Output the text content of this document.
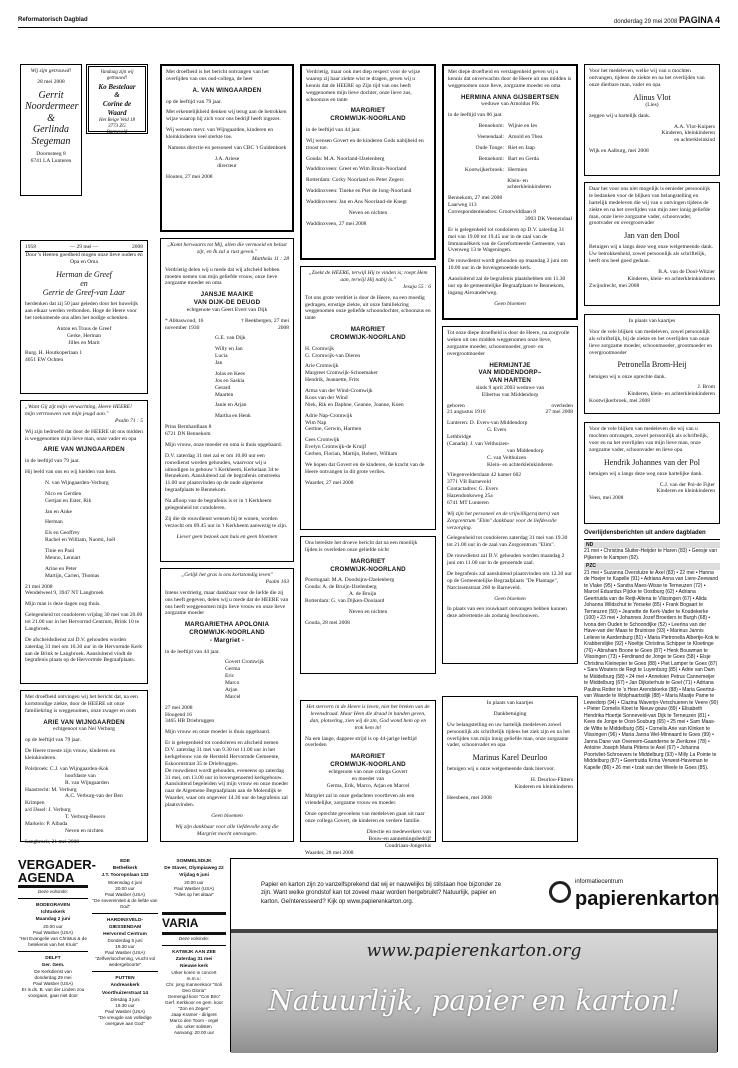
Reformatorisch Dagblad	donderdag 29 mei 2008 PAGINA 4
Wij zijn getrouwd!
28 mei 2008
Gerrit
Noordermeer
&
Gerlinda
Stegeman
Doornsteeg 8
6741 LA Lunteren
Vandaag zijn wij getrouwd!
Ko Bestelaar
&
Corine de Waard
Het Reige Veld 18
3773 ZG
Barneveld
1958	— 29 mei —	2008
Door 's Heeren goedheid mogen onze lieve ouders en Opa en Oma
Herman de Greef
en
Gerrie de Greef-van Laar
herdenken dat zij 50 jaar geleden door het huwelijk aan elkaar werden verbonden. Hoge de Heere voor het toekomende ons allen het nodige schenken.
Anton en Truus de Greef
Gerke, Herman
Jilles en Marit
Burg. H. Houtkoperlaan 1
4051 EW Ochten
„Want Gij zijt mijn verwachting, Heere HEERE! mijn vertrouwen van mijn jeugd aan."
Psalm 71 : 5
Wij zijn bedroefd dat door de HEERE uit ons midden is weggenomen mijn lieve man, onze vader en opa
ARIE VAN WIJNGAARDEN
in de leeftijd van 79 jaar.
Hij leeld van ons en wij hielden van hem.
N. van Wijngaarden-Verburg
Nico en Gerdien
Gertjan en Ester, Rik
Jan en Anke
Herman
Els en Geoffrey
Rachel en William, Naomi, Joël
Tinie en Paul
Menno, Lennart
Arine en Peter
Martijn, Carien, Thomas
21 mei 2008
Wendelweel 9, 3947 NT Langbroek
Mijn man is deze dagen nog thuis.
Gelegenheid tot condoleren vrijdag 30 mei van 20.00 tot 21.00 uur in het Hervormd Centrum, Brink 10 te Langbroek.
De afscheidsdienst zal D.V. gehouden worden zaterdag 31 mei om 10.30 uur in de Hervormde Kerk aan de Brink te Langbroek. Aansluitend vindt de begrafenis plaats op de Hervormde Begraafplaats.
Met droefheid ontvingen wij het bericht dat, na een kortstondige ziekte, door de HEERE uit onze familiekring is weggenomen, onze zwager en oom
ARIE VAN WIJNGAARDEN
echtgenoot van Nel Verburg
op de leeftijd van 79 jaar.
De Heere troeste zijn vrouw, kinderen en kleinkinderen.
Polsbroek: C.J. van Wijngaarden-Kok
hoofdaste van
R. van Wijngaarden
Haastrecht: M. Verburg
A.C. Verburg-van der Ben
Krimpen
a/d IJssel: J. Verburg
T. Verburg-Besero
Markelo: P. Albada
Neven en nichten
Langbroek, 21 mei 2008
Met droefheid is het bericht ontvangen van het overlijden van ons oud-collega, de heer
A. VAN WINGAARDEN
op de leeftijd van 79 jaar.
Met erkentelijkheid denken wij terug aan de betrokken wijze waarop hij zich voor ons bedrijf heeft ingezet.
Wij wensen mevr. van Wijngaarden, kinderen en kleinkinderen veel sterkte toe.
Namens directie en personeel van CBC 't Guldenboek
J.A. Ariese
directeur
Houten, 27 mei 2008
„Komt herwaarts tot Mij, allen die vermoeid en belast zijt, en Ik zal u rust geven."
Mattheüs 11 : 28
Verdrietig delen wij u mede dat wij afscheid hebben moeten nemen van mijn geliefde vrouw, onze lieve zorgzame moeder en oma
JANSJE MAAIKE
VAN DIJK-DE DEUGD
echtgenote van Geert Evert van Dijk
* Abbaswoud, 16 november 1930
† Beekbergen, 27 mei 2008
G.E. van Dijk
Willy en Jan
Lucia
Jan
Jolas en Kees
Jos en Saskia
Gerard
Maarten
Janie en Arjan
Martha en Henk
Prins Bernhardlaan 8
6721 DN Bennekom
Mijn vrouw, onze moeder en oma is thuis opgebaard.
D.V. zaterdag 31 mei zal er om 10.00 uur een rouwdienst worden gehouden, waarvoor wij u uitnodigen in gebouw 't Kerkheem, Kerkelaan 34 te Bennekom. Aansluitend zal de begrafenis omstreeks 11.00 uur plaatsvinden op de oude algemene begraafplaats te Bennekom.
Na afloop van de begrafenis is er in 't Kerkheem gelegenheid tot condoleren.
Zij die de rouwdienst wensen bij te wonen, worden verzocht om 09.45 uur in 't Kerkheem aanwezig te zijn.
Liever geen bezoek aan huis en geen bloemen
„Gelijk het gras is ons kortstondig leven"
Psalm 103
Intens verdrietig, maar dankbaar voor de liefde die zij ons heeft gegeven, delen wij u mede dat de HEERE van ons heeft weggenomen mijn lieve vrouw en onze lieve zorgzame moeder
MARGARIETHA APOLONIA
CROMWIJK-NOORLAND
- Margriet -
in de leeftijd van 44 jaar.
Govert Cromwijk
Germa
Eric
Marco
Arjan
Marcel
27 mei 2008
Hoogend 16
3465 HB Driebruggen
Mijn vrouw en onze moeder is thuis opgebaard.
Er is gelegenheid tot condoleren en afscheid nemen D.V. zaterdag 31 mei van 9.30 tot 11.00 uur in het kerkgebouw van de Hersteld Hervormde Gemeente, Eskoornstraat 35 te Driebruggen.
De rouwdienst wordt gehouden, eveneens op zaterdag 31 mei, om 13.00 uur in bovengenoemd kerkgebouw.
Aansluitend begeleiden wij mijn vrouw en onze moeder naar de Algemene Begraafplaats aan de Molendijk te Waarder, waar om ongeveer 14.30 uur de begrafenis zal plaatsvinden.
Geen bloemen
Wij zijn dankbaar voor alle liefdevolle zorg die Margriet mocht ontvangen.
Verdrietig, maar ook met diep respect voor de wijze waarop zij haar ziekte wist te dragen, geven wij u kennis dat de HEERE op Zijn tijd van ons heeft weggenomen mijn lieve dochter, onze lieve zus, schoonzus en tante
MARGRIET
CROMWIJK-NOORLAND
in de leeftijd van 44 jaar.
Wij wensen Govert en de kinderen Gods nabijheid en troost toe.
Gouda: M.A. Noorland-IJzelenberg
Waddinxveen: Greet en Wim Bruin-Noorland
Rotterdam: Corky Noorland en Peter Zegers
Waddinxveen: Tineke en Piet de Jong-Noorland
Waddinxveen: Jan en Ans Noorland-de Knegt
Neven en nichten
Waddinxveen, 27 mei 2008
„Zoekt de HEERE, terwijl Hij te vinden is; roept Hem aan, terwijl Hij nabij is."
Jesaja 55 : 6
Tot ons grote verdriet is door de Heere, na een moedig gedragen, ernstige ziekte, uit onze familiekring weggenomen onze geliefde schoondochter, schoonzus en tante
MARGRIET
CROMWIJK-NOORLAND
H. Cromwijk
G. Cromwijk-van Dieren
Arie Cromwijk
Margreet Cromwijk-Schoemaker
Hendrik, Jeannette, Frits
Arma van der Wind-Cromwijk
Koos van der Wind
Niek, Rik en Daphne, Geanne, Joanne, Koen
Adrie Nap-Cromwijk
Wim Nap
Gertine, Gerwin, Harmen
Cees Cromwijk
Evelyn Cromwijk-de Kruijf
Gerben, Florian, Martijn, Robert, William
We hopen dat Govert en de kinderen, de kracht van de Heere ontvangen in dit grote verlies.
Waarder, 27 mei 2008
Ons bereikte het droeve bericht dat na een moeilijk lijden is overleden onze geliefde nicht
MARGRIET
CROMWIJK-NOORLAND
Poortugaal: M.A. Doodsijns-IJzelenberg
Gouda: A. de Bruijn-IJzelenberg
A. de Bruijn
Rotterdam: G. van Dijken-Doolaard
Neven en nichten
Gouda, 28 mei 2008
Het stervern in de Heere is leven, niet het breken van de levensdraad. Maar Hem die draad in handen geven, dan, plotseling, zien wij de zin, God wond hem op en trok hem in!
Na een lange, dappere strijd is op 44-jarige leeftijd overleden
MARGRIET
CROMWIJK-NOORLAND
echtgenote van onze collega Govert
en moeder van
Germa, Erik, Marco, Arjan en Marcel
Margriet zal in onze gedachten voortleven als een vriendelijke, zorgzame vrouw en moeder.
Onze oprechte gevoelens van medeleven gaan uit naar onze collega Govert, de kinderen en verdere familie.
Directie en medewerkers van
Bouw-en aannemingsbedrijf
Goudriaan-Jongerius
Waarder, 28 mei 2008
Met diepe droefheid en verslagenheid geven wij u kennis dat onverwachts door de Heere uit ons midden is weggenomen onze lieve, zorgzame moeder en oma
HERMINA ANNA GIJSBERTSEN
weduwe van Arnoldus Pik
in de leeftijd van 86 jaar.
Bennekom: Wijnie en Ies
Veenendaal: Arnold en Thea
Oude Tonge: Riet en Jaap
Bennekom: Bart en Gerda
Kootwijkerbroek: Hermien
Klein- en achterkleinkinderen
Bennekom, 27 mei 2008
Laarweg 113
Correspondentieadres: Grootwiddlaan 8
3903 DK Veenendaal
Er is gelegenheid tot condoleren op D.V. zaterdag 31 mei van 19.00 tot 19.45 uur in de zaal van de Immanuëlkerk van de Gereformeerde Gemeente, van Uvenweg 13 te Wageningen.
De rouwdienst wordt gehouden op maandag 2 juni om 10.00 uur in de bovengenoemde kerk.
Aansluitend zal de begrafenis plaatshebben om 11.30 uur op de gemeentelijke Begraafplaats te Bennekom, ingang Alexanderweg.
Geen bloemen
Tot onze diepe droefheid is door de Heere, na zorgvolle weken uit ons midden weggenomen onze lieve, zorgzame moeder, schoonmoeder, groot- en overgrootmoeder
HERMIJNTJE
VAN MIDDENDORP–
VAN HARTEN
sinds 9 april 2003 weduwe van
Elbertus van Middendorp
geboren
21 augustus 1910
overleden
27 mei 2008
Lunteren: D. Evers-van Middendorp
G. Evers
Lethbridge
(Canada): J. van Velthuizen-
van Middendorp
C. van Velthuizen
Klein- en achterkleinkinderen
Vliegenvelderslaan 42 kamer 602
3771 VB Barneveld
Contactadres: G. Evers
Hazendonksweg 25a
6741 MT Lunteren
Wij zijn het personeel en de vrijwilligers(sters) van Zorgcentrum "Elim" dankbaar voor de liefdevolle verzorging.
Gelegenheid tot condoleren zaterdag 31 mei van 19.30 tot 21.00 uur in de zaal van Zorgcentrum "Elim".
De rouwdienst zal D.V. gehouden worden maandag 2 juni om 11.00 uur in de genoemde zaal.
De begrafenis zal aansluitend plaatsvinden om 12.30 uur op de Gemeentelijke Begraafplaats "De Plantage", Narcissenstraat 260 te Barneveld.
Geen bloemen
In plaats van een rouwkaart ontvangen hebben kunnen deze advertentie als zodanig beschouwen.
In plaats van kaartjes
Dankbetuiging
Uw belangstelling en uw hartelijk medeleven zowel persoonlijk als schriftelijk tijdens het ziek zijn en na het overlijden van mijn innig geliefde man, onze zorgzame vader, schoonvader en opa
Marinus Karel Deurloo
betuigen wij u onze welgemeende dank hiervoor.
H. Deurloo-Flitters
Kinderen en kleinkinderen
Heesbeen, mei 2008
Voor het medeleven, welke wij van u mochten ontvangen, tijdens de ziekte en na het overlijden van onze dierbare man, vader en opa
Alinus Vlot
(Lies)
zeggen wij u hartelijk dank.
A.A. Vlot-Kuipers
Kinderen, kleinkinderen
en achterkleinkind
Wijk en Aalburg, mei 2008
Daar het voor ons niet mogelijk is eenieder persoonlijk te bedanken voor de blijken van belangstelling en hartelijk medeleven die wij van u ontvingen tijdens de ziekte en na het overlijden van mijn zeer innig geliefde man, onze lieve zorgzame vader, schoonvader, grootvader en overgrootvader
Jan van den Dool
Betuigen wij u langs deze weg onze welgemeende dank. Uw betrokkenheid, zowel persoonlijk als schriftelijk, heeft ons heel goed gedaan.
B.A. van de Dool-Witzier
Kinderen, klein- en achterkleinkinderen
Zwijndrecht, mei 2008
In plaats van kaartjes
Voor de vele blijken van medeleven, zowel persoonlijk als schriftelijk, bij de ziekte en het overlijden van onze lieve zorgzame moeder, schoonmoeder, grootmoeder en overgrootmoeder
Petronella Brom-Heij
betuigen wij u onze oprechte dank.
J. Brom
Kinderen, klein- en achterkleinkinderen
Kootwijkerbroek, mei 2008
Voor de vele blijken van medeleven die wij van u mochten ontvangen, zowel persoonlijk als schriftelijk, voor en na het overlijden van mijn lieve man, onze zorgzame vader, schoonvader en lieve opa
Hendrik Johannes van der Pol
betuigen wij u langs deze weg onze hartelijke dank.
C.J. van der Pol-de Fijter
Kinderen en kleinkinderen
Veen, mei 2008
Overlijdensberichten uit andere dagbladen
ND
21 mei • Christina Sluiter-Heijder te Haren (83) • Geesje van Pijkeren te Kampen (92).
PZC
21 mei • Suzanna Oversluize te Axel (83) • 22 mei • Hanna de Hoejer te Kapelle (91) • Adriana Anna van Liere-Zeewand te Vlake (95) • Sandra Maes-Wisse te Terneuzen (72) • Marcel Eduardus Pijcke te Oostburg (62) • Adriana Geertruida van de Reijt-Altena te Vlissingen (67) • Alida Johanna Wildschut te Yerseke (85) • Frank Bogaart te Terneuzen (50) • Jeanette de Kerk-Vader te Koudekerke (100) • 23 mei • Johannes Jozef Broeders te Burgh (68) • Ivona den Ouden te Schoondijke (52) • Leerina van der Have-van der Maas te Bruinisse (93) • Marinus Jannis Lelieve te Aardenburg (81) • Maria Pietronella Albertje-Kok te Krabbendijke (92) • Noeltje Christina Schipper te Kloetinge (76) • Abraham Boone te Goes (87) • Henk Bouwman te Vlissingen (73) • Ferdinand de Jonge te Goes (58) • Elsje Christina Kleinepier te Goes (88) • Piet Lamper te Goes (87) • Sara Wouters de Regt te Luyenburg (85) • Adrie van Dam te Middelburg (58) • 24 mei • Annekien Petrus Cannemeijer te Middelburg (67) • Jan Dijksterhuis te Goel (71) • Adriana Paulina Rotter te 's Heer Arendskerke (88) • Maria Geertrui-van Waarde te Wolphaartsdijk (88) • Maria Maatje Pame te Lewedorp (94) • Clazina Waverijn-Verschueren te Veere (90) • Pieter Cornelis Kloet te Nieuw gouw (89) • Elisabeth Hendrika Hoertje Sonneveld-van Dijk te Terneuzen (81) • Kees de Jonge te Oost-Souburg (65) • 25 mei • Sam Maas-de Witte te Middelburg (95) • Cornelis Arie van Klinken te Vlissingen (96) • Maria Janna Wel-Minnaard te Goes (99) • Janna Dane van Overeem-Gaanderne te Zierikzee (78) • Antoine Joseph Maria Pittens te Axel (67) • Johanna Poortvliet-Schroevers te Middelburg (93) • Milly La Pointe te Middelburg (87) • Geertruida Krina Verwest-Haveman te Kapelle (86) • 26 mei • Izak van der Weele te Goes (85).
VERGADER-
AGENDA
Deze volsinde:
BODEGRAVEN
Ichtuskerk
Maandag 2 juni
20.00 uur
Paul Wasber (USA)
"Het Evangelie van Christus & de betekenis van het Kruis"
DELFT
Ger. Gem.
De Kerkdienst van
donderdag 29 mei
Paul Wasber (USA)
Er is ds. B. van der Linden zou voorgaan, gaat niet door
EDE
Bethelkerk
J.T. Tooropnlaan 133
Woensdag 4 juni
20.00 uur
Paul Wasber (USA)
"De sovereiniteit & de liefde van God"
HARDINXVELD-GIESSENDAM
Hervormd Centrum
Donderdag 5 juni
19.30 uur
Paul Wasber (USA)
"Zelfverloochening, vrucht vol wedergeboorte"
PUTTEN
Andreaskerk
Voorthuizerstraat 14
Dinsdag 3 juni
19.30 uur
Paul Wasber (USA)
"De vreugde van volledige overgave aan God"
SOMMELSDIJK
De Staver, Olympiaweg 22
Vrijdag 6 juni
20.00 uur
Paul Wasber (USA)
"Alles op het altaar"
VARIA
Deze volsinde:
KATWIJK AAN ZEE
Zaterdag 31 mei
Nieuwe kerk
Urker koren in concert
m.m.v.:
Chr. jong mannenkoor "Soli Deo Gloria"
Gemengd koor "Con Brio"
Gerf. Kerkkoor en gem. koor "Zon en Zegen"
Jaap Kramer - dirigent
Marco den Toom - orgel
div. urker solisten
Aanvang: 20.00 uur
Papier en karton zijn zo vanzelfsprekend dat wij er nauwelijks bij stilstaan hoe bijzonder ze zijn. Want welke grondstof kan tot zoveel maar worden hergebruikt? Natuurlijk, papier en karton. Geïnteresseerd? Kijk op www.papierenkarton.org.
informatiecentrum
papierenkarton
www.papierenkarton.org
Natuurlijk, papier en karton!
